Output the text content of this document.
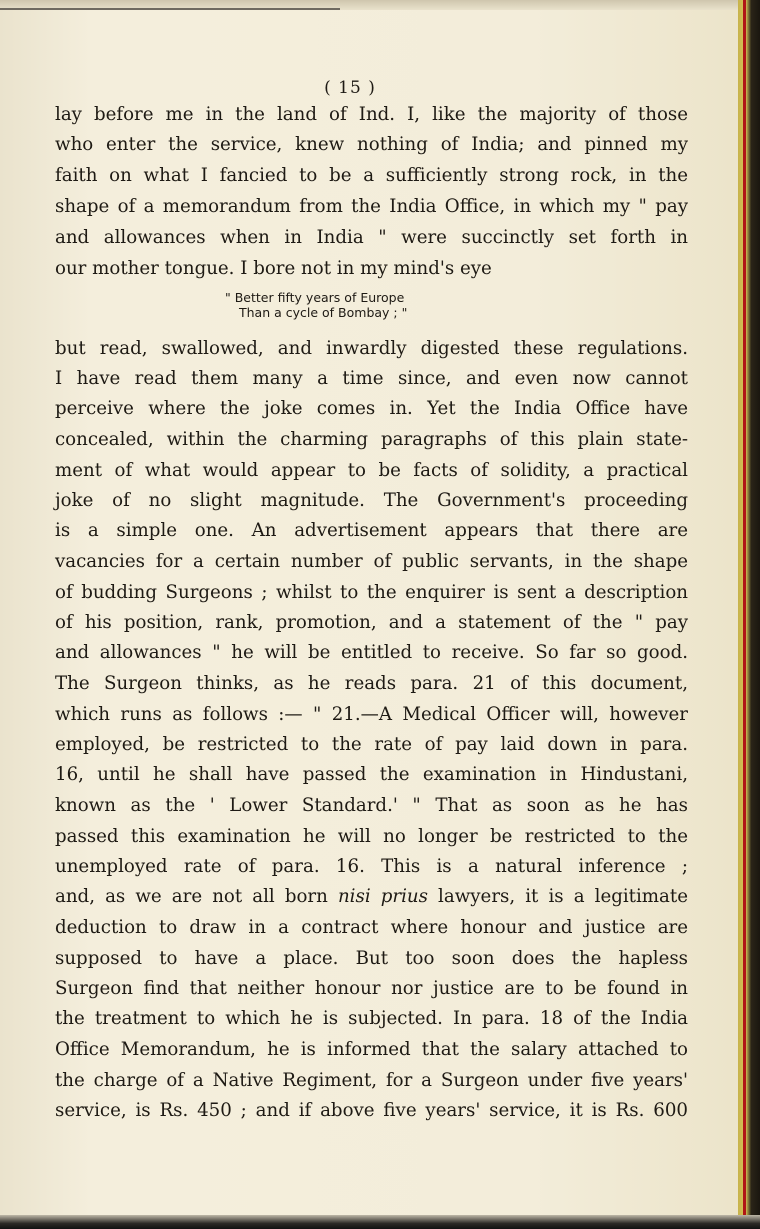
( 15 )
lay before me in the land of Ind. I, like the majority of those
who enter the service, knew nothing of India; and pinned my
faith on what I fancied to be a sufficiently strong rock, in the
shape of a memorandum from the India Office, in which my " pay
and allowances when in India " were succinctly set forth in
our mother tongue. I bore not in my mind's eye
" Better fifty years of Europe
Than a cycle of Bombay ; "
but read, swallowed, and inwardly digested these regulations.
I have read them many a time since, and even now cannot
perceive where the joke comes in. Yet the India Office have
concealed, within the charming paragraphs of this plain state-
ment of what would appear to be facts of solidity, a practical
joke of no slight magnitude. The Government's proceeding
is a simple one. An advertisement appears that there are
vacancies for a certain number of public servants, in the shape
of budding Surgeons ; whilst to the enquirer is sent a description
of his position, rank, promotion, and a statement of the " pay
and allowances " he will be entitled to receive. So far so good.
The Surgeon thinks, as he reads para. 21 of this document,
which runs as follows :— " 21.—A Medical Officer will, however
employed, be restricted to the rate of pay laid down in para.
16, until he shall have passed the examination in Hindustani,
known as the ' Lower Standard.' " That as soon as he has
passed this examination he will no longer be restricted to the
unemployed rate of para. 16. This is a natural inference ;
and, as we are not all born nisi prius lawyers, it is a legitimate
deduction to draw in a contract where honour and justice are
supposed to have a place. But too soon does the hapless
Surgeon find that neither honour nor justice are to be found in
the treatment to which he is subjected. In para. 18 of the India
Office Memorandum, he is informed that the salary attached to
the charge of a Native Regiment, for a Surgeon under five years'
service, is Rs. 450 ; and if above five years' service, it is Rs. 600
